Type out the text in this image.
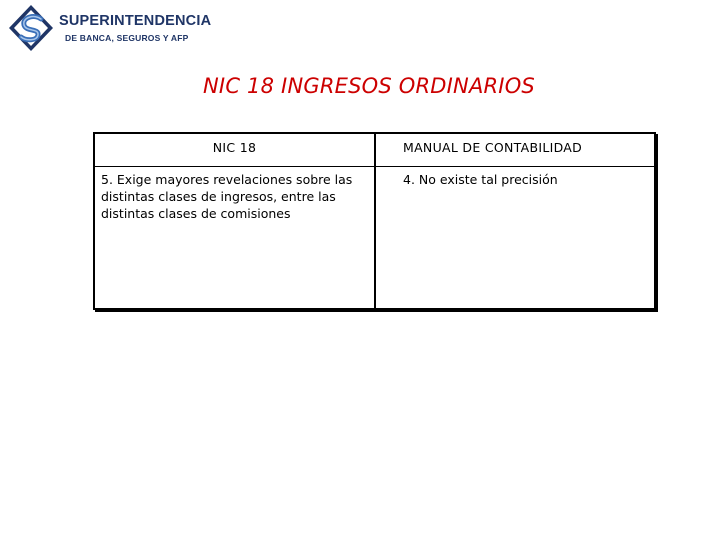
SUPERINTENDENCIA
DE BANCA, SEGUROS Y AFP
NIC 18 INGRESOS ORDINARIOS
NIC 18	MANUAL DE CONTABILIDAD
5. Exige mayores revelaciones sobre las distintas clases de ingresos, entre las distintas clases de comisiones
4. No existe tal precisión
